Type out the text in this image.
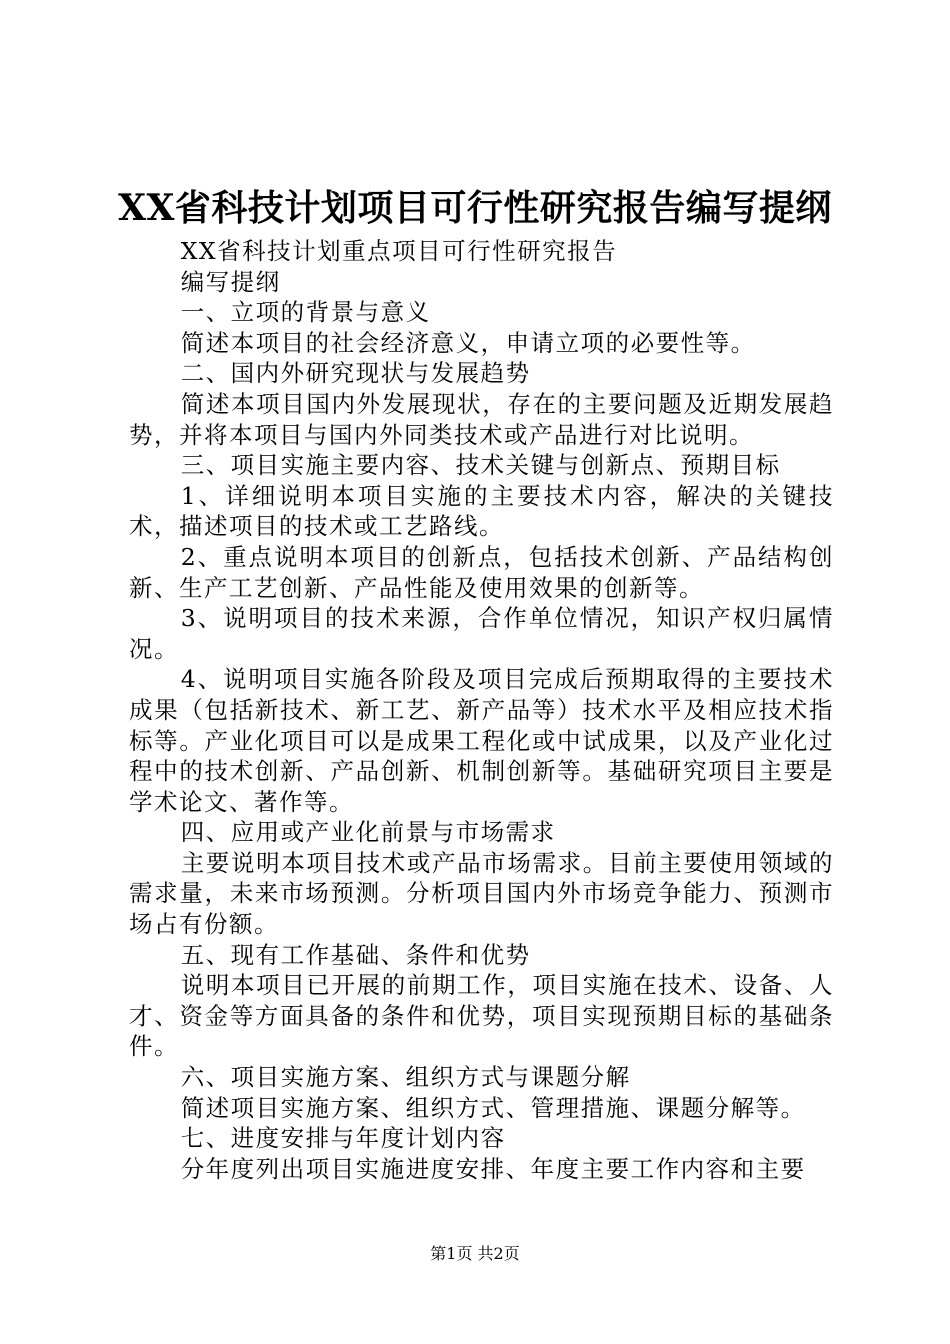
XX省科技计划项目可行性研究报告编写提纲

XX省科技计划重点项目可行性研究报告

编写提纲

一、立项的背景与意义

简述本项目的社会经济意义，申请立项的必要性等。

二、国内外研究现状与发展趋势

简述本项目国内外发展现状，存在的主要问题及近期发展趋势，并将本项目与国内外同类技术或产品进行对比说明。

三、项目实施主要内容、技术关键与创新点、预期目标

1、详细说明本项目实施的主要技术内容，解决的关键技术，描述项目的技术或工艺路线。

2、重点说明本项目的创新点，包括技术创新、产品结构创新、生产工艺创新、产品性能及使用效果的创新等。

3、说明项目的技术来源，合作单位情况，知识产权归属情况。

4、说明项目实施各阶段及项目完成后预期取得的主要技术成果（包括新技术、新工艺、新产品等）技术水平及相应技术指标等。产业化项目可以是成果工程化或中试成果，以及产业化过程中的技术创新、产品创新、机制创新等。基础研究项目主要是学术论文、著作等。

四、应用或产业化前景与市场需求

主要说明本项目技术或产品市场需求。目前主要使用领域的需求量，未来市场预测。分析项目国内外市场竞争能力、预测市场占有份额。

五、现有工作基础、条件和优势

说明本项目已开展的前期工作，项目实施在技术、设备、人才、资金等方面具备的条件和优势，项目实现预期目标的基础条件。

六、项目实施方案、组织方式与课题分解

简述项目实施方案、组织方式、管理措施、课题分解等。

七、进度安排与年度计划内容

分年度列出项目实施进度安排、年度主要工作内容和主要

第1页 共2页
